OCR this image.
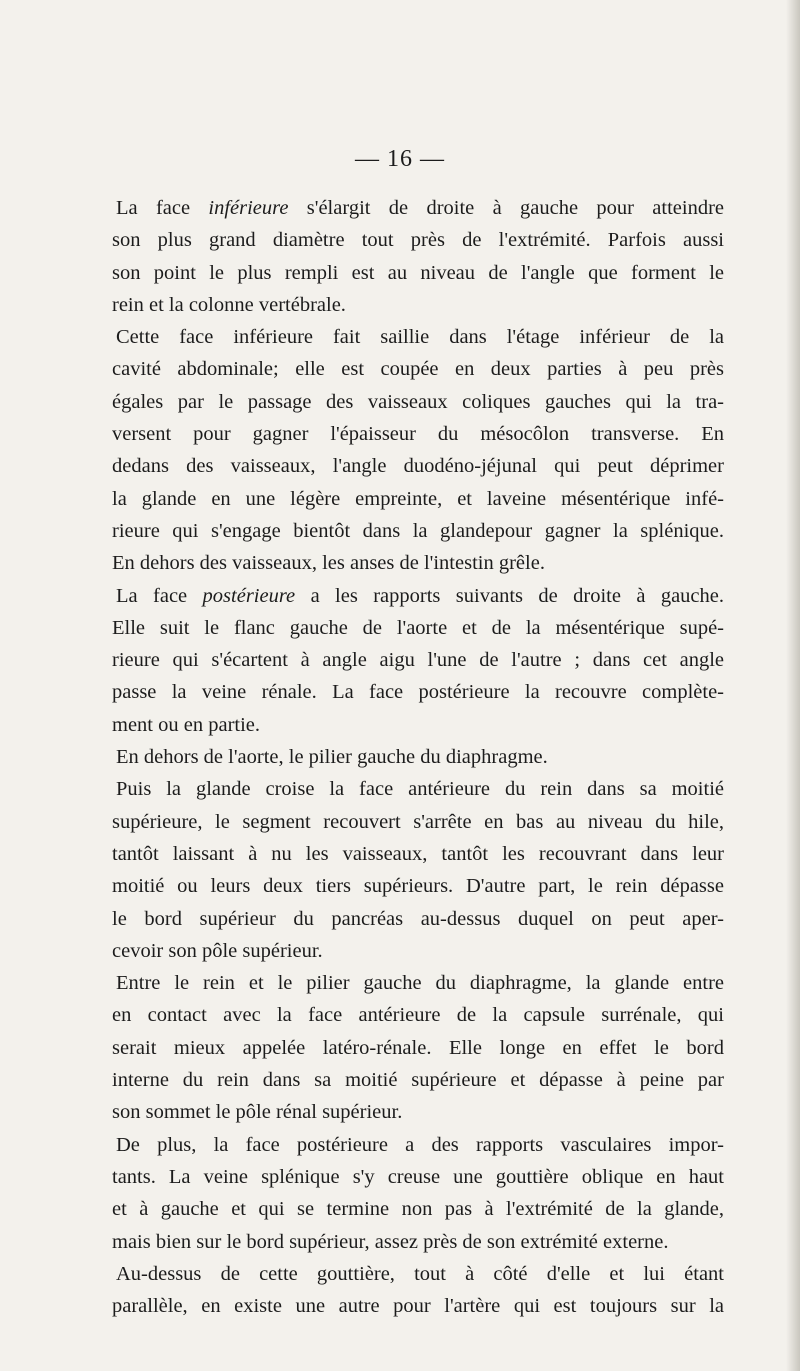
— 16 —
La face inférieure s'élargit de droite à gauche pour atteindre
son plus grand diamètre tout près de l'extrémité. Parfois aussi
son point le plus rempli est au niveau de l'angle que forment le
rein et la colonne vertébrale.
Cette face inférieure fait saillie dans l'étage inférieur de la
cavité abdominale; elle est coupée en deux parties à peu près
égales par le passage des vaisseaux coliques gauches qui la tra-
versent pour gagner l'épaisseur du mésocôlon transverse. En
dedans des vaisseaux, l'angle duodéno-jéjunal qui peut déprimer
la glande en une légère empreinte, et laveine mésentérique infé-
rieure qui s'engage bientôt dans la glandepour gagner la splénique.
En dehors des vaisseaux, les anses de l'intestin grêle.
La face postérieure a les rapports suivants de droite à gauche.
Elle suit le flanc gauche de l'aorte et de la mésentérique supé-
rieure qui s'écartent à angle aigu l'une de l'autre ; dans cet angle
passe la veine rénale. La face postérieure la recouvre complète-
ment ou en partie.
En dehors de l'aorte, le pilier gauche du diaphragme.
Puis la glande croise la face antérieure du rein dans sa moitié
supérieure, le segment recouvert s'arrête en bas au niveau du hile,
tantôt laissant à nu les vaisseaux, tantôt les recouvrant dans leur
moitié ou leurs deux tiers supérieurs. D'autre part, le rein dépasse
le bord supérieur du pancréas au-dessus duquel on peut aper-
cevoir son pôle supérieur.
Entre le rein et le pilier gauche du diaphragme, la glande entre
en contact avec la face antérieure de la capsule surrénale, qui
serait mieux appelée latéro-rénale. Elle longe en effet le bord
interne du rein dans sa moitié supérieure et dépasse à peine par
son sommet le pôle rénal supérieur.
De plus, la face postérieure a des rapports vasculaires impor-
tants. La veine splénique s'y creuse une gouttière oblique en haut
et à gauche et qui se termine non pas à l'extrémité de la glande,
mais bien sur le bord supérieur, assez près de son extrémité externe.
Au-dessus de cette gouttière, tout à côté d'elle et lui étant
parallèle, en existe une autre pour l'artère qui est toujours sur la
